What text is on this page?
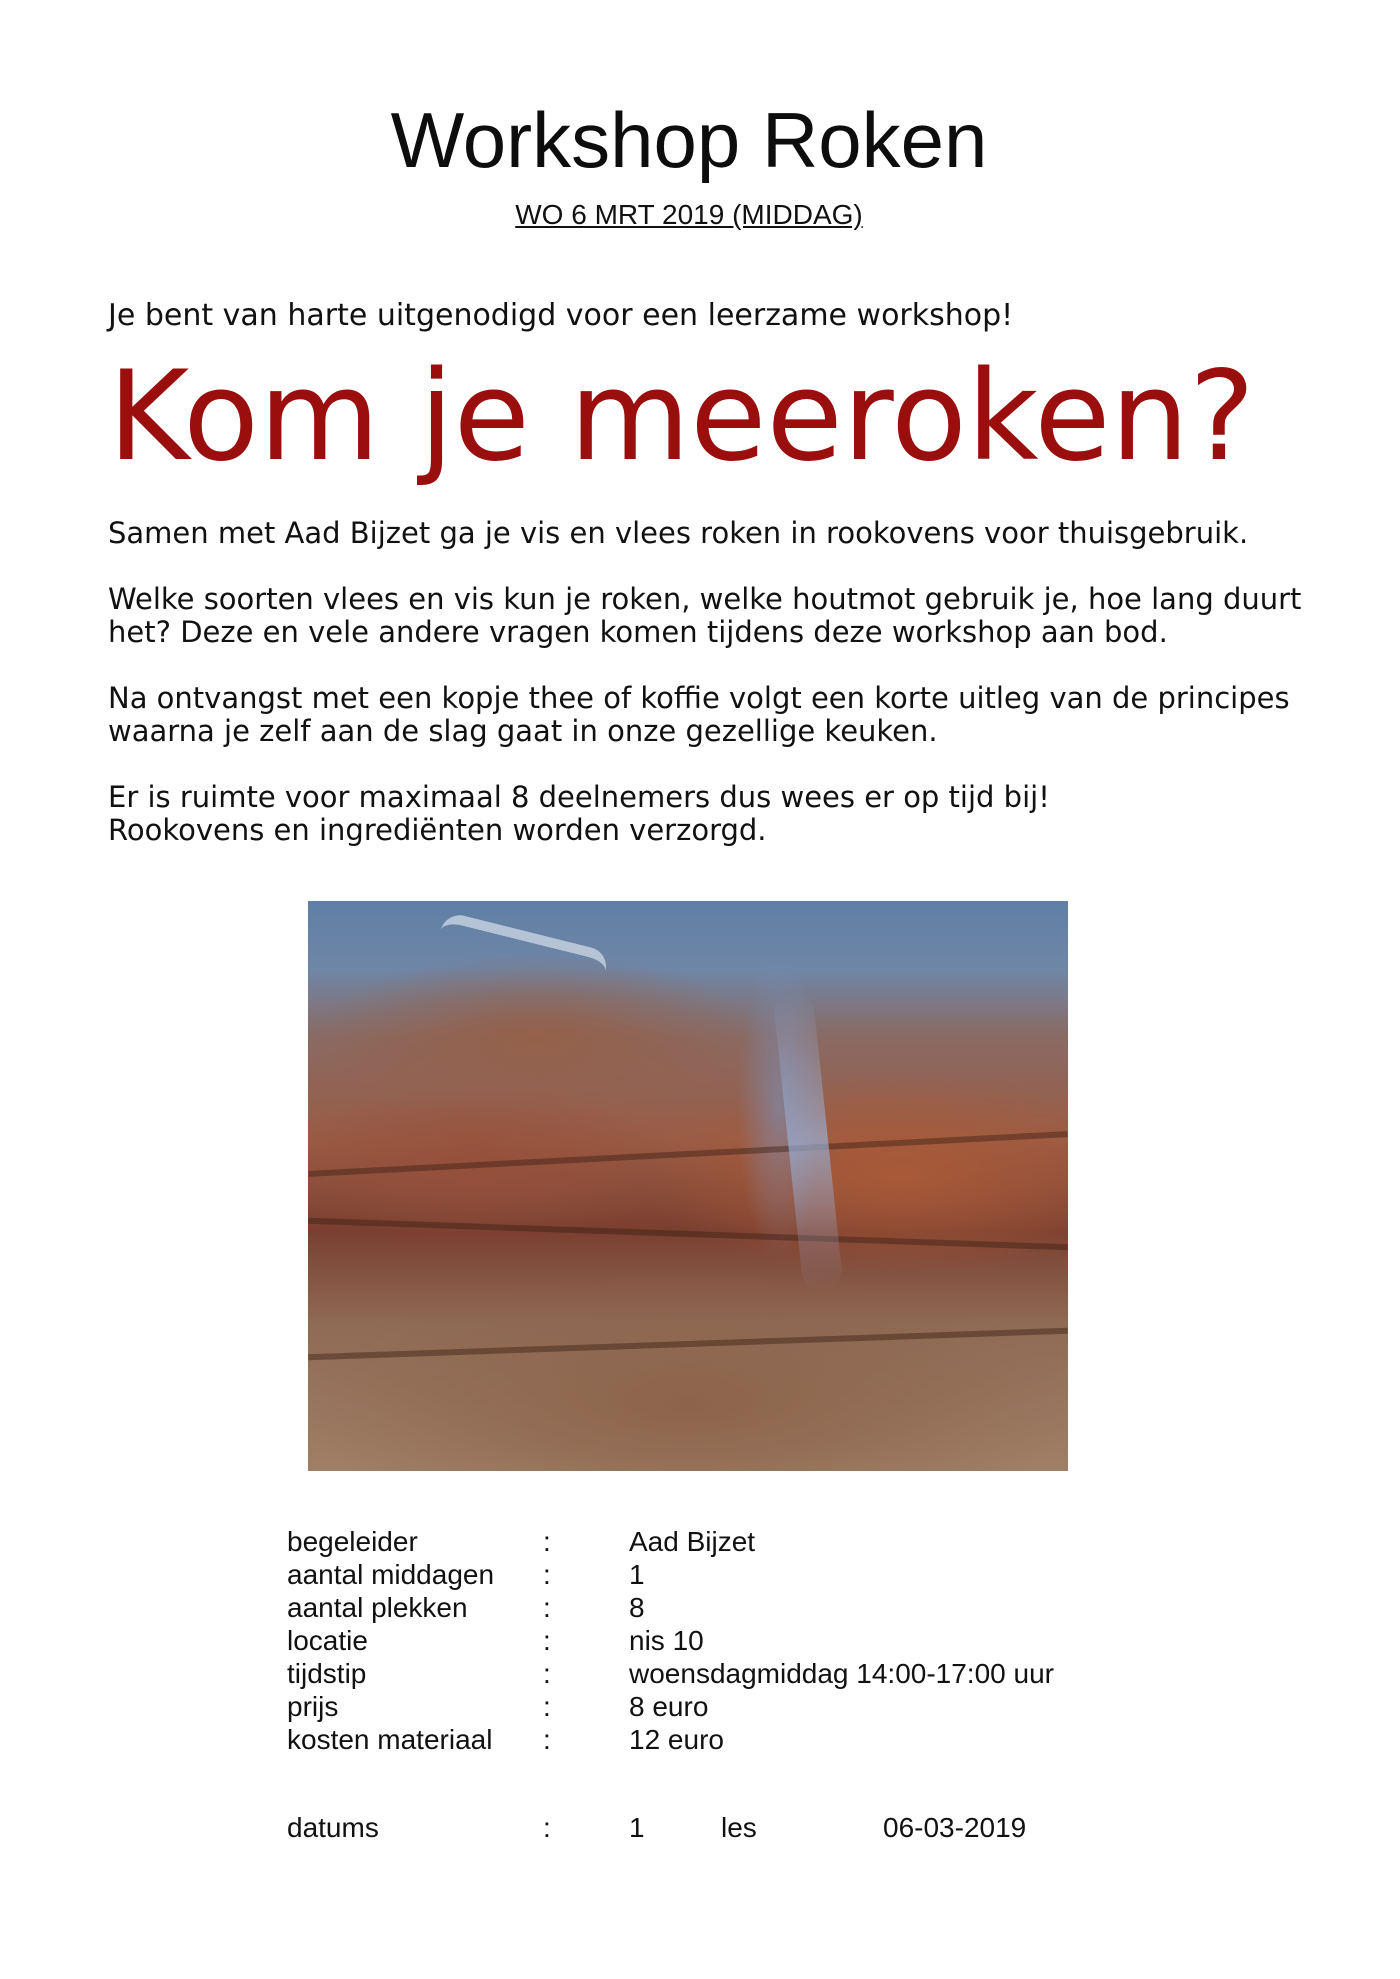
Workshop Roken
WO 6 MRT 2019 (MIDDAG)
Je bent van harte uitgenodigd voor een leerzame workshop!
Kom je meeroken?

Samen met Aad Bijzet ga je vis en vlees roken in rookovens voor thuisgebruik.

Welke soorten vlees en vis kun je roken, welke houtmot gebruik je, hoe lang duurt het? Deze en vele andere vragen komen tijdens deze workshop aan bod.

Na ontvangst met een kopje thee of koffie volgt een korte uitleg van de principes waarna je zelf aan de slag gaat in onze gezellige keuken.

Er is ruimte voor maximaal 8 deelnemers dus wees er op tijd bij!
Rookovens en ingrediënten worden verzorgd.

begeleider	:	Aad Bijzet
aantal middagen :	1
aantal plekken	:	8
locatie	:	nis 10
tijdstip	:	woensdagmiddag 14:00-17:00 uur
prijs	:	8 euro
kosten materiaal :	12 euro
datums	:	1	les	06-03-2019
